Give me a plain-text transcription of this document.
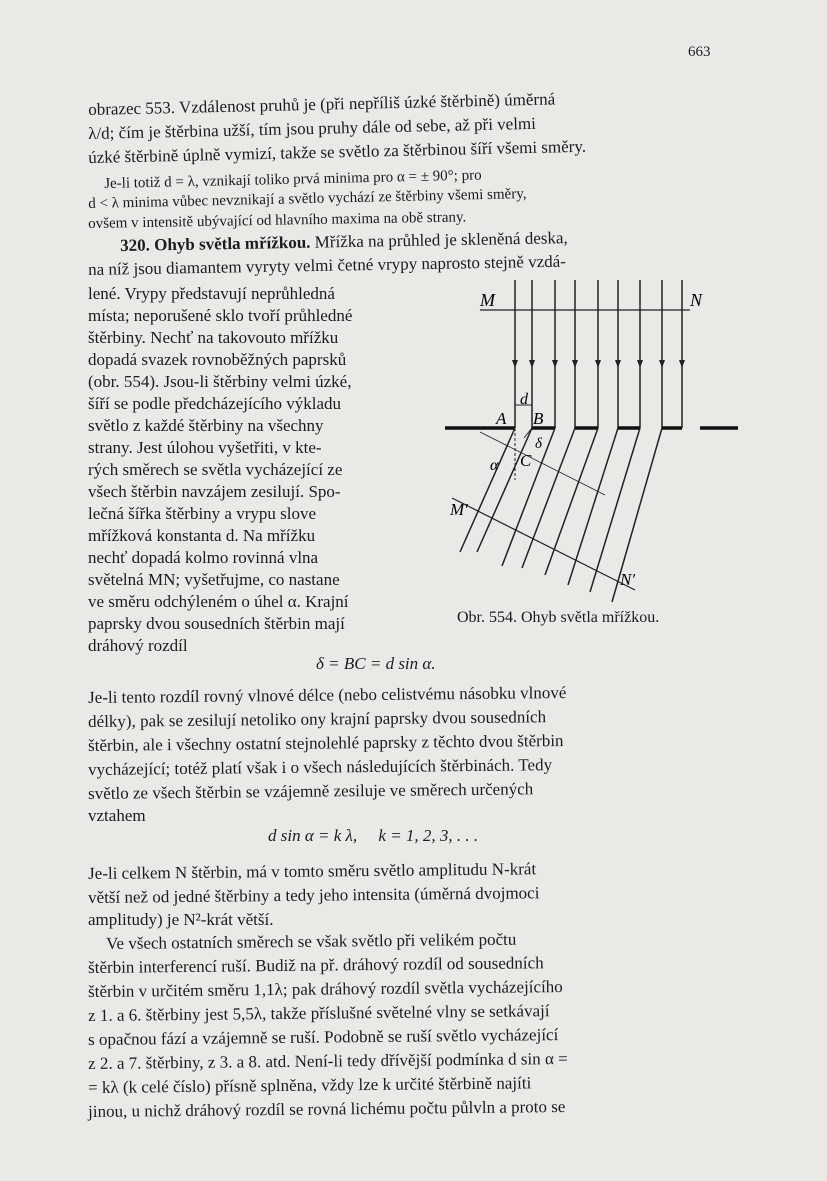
663
obrazec 553. Vzdálenost pruhů je (při nepříliš úzké štěrbině) úměrná
λ/d; čím je štěrbina užší, tím jsou pruhy dále od sebe, až při velmi
úzké štěrbině úplně vymizí, takže se světlo za štěrbinou šíří všemi směry.
Je-li totiž d = λ, vznikají toliko prvá minima pro α = ± 90°; pro
d < λ minima vůbec nevznikají a světlo vychází ze štěrbiny všemi směry,
ovšem v intensitě ubývající od hlavního maxima na obě strany.
320. Ohyb světla mřížkou. Mřížka na průhled je skleněná deska,
na níž jsou diamantem vyryty velmi četné vrypy naprosto stejně vzdá-
lené. Vrypy představují neprůhledná
místa; neporušené sklo tvoří průhledné
štěrbiny. Nechť na takovouto mřížku
dopadá svazek rovnoběžných paprsků
(obr. 554). Jsou-li štěrbiny velmi úzké,
šíří se podle předcházejícího výkladu
světlo z každé štěrbiny na všechny
strany. Jest úlohou vyšetřiti, v kte-
rých směrech se světla vycházející ze
všech štěrbin navzájem zesilují. Spo-
lečná šířka štěrbiny a vrypu slove
mřížková konstanta d. Na mřížku
nechť dopadá kolmo rovinná vlna
světelná MN; vyšetřujme, co nastane
ve směru odchýleném o úhel α. Krajní
paprsky dvou sousedních štěrbin mají
dráhový rozdíl
M	N
A B
C
d
δ
α
M′
N′
Obr. 554. Ohyb světla mřížkou.
δ = BC = d sin α.
Je-li tento rozdíl rovný vlnové délce (nebo celistvému násobku vlnové
délky), pak se zesilují netoliko ony krajní paprsky dvou sousedních
štěrbin, ale i všechny ostatní stejnolehlé paprsky z těchto dvou štěrbin
vycházející; totéž platí však i o všech následujících štěrbinách. Tedy
světlo ze všech štěrbin se vzájemně zesiluje ve směrech určených
vztahem
d sin α = k λ,     k = 1, 2, 3, . . .
Je-li celkem N štěrbin, má v tomto směru světlo amplitudu N-krát
větší než od jedné štěrbiny a tedy jeho intensita (úměrná dvojmoci
amplitudy) je N²-krát větší.
Ve všech ostatních směrech se však světlo při velikém počtu
štěrbin interferencí ruší. Budiž na př. dráhový rozdíl od sousedních
štěrbin v určitém směru 1,1λ; pak dráhový rozdíl světla vycházejícího
z 1. a 6. štěrbiny jest 5,5λ, takže příslušné světelné vlny se setkávají
s opačnou fází a vzájemně se ruší. Podobně se ruší světlo vycházející
z 2. a 7. štěrbiny, z 3. a 8. atd. Není-li tedy dřívější podmínka d sin α =
= kλ (k celé číslo) přísně splněna, vždy lze k určité štěrbině najíti
jinou, u nichž dráhový rozdíl se rovná lichému počtu půlvln a proto se
